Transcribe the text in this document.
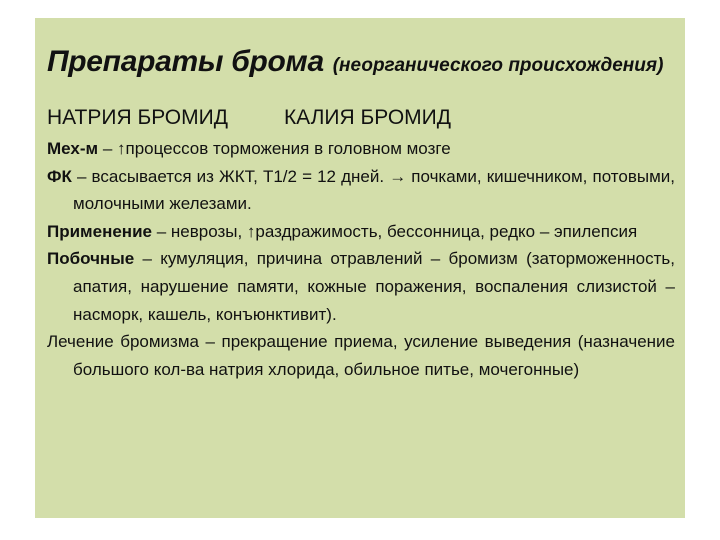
Препараты брома (неорганического происхождения)
НАТРИЯ БРОМИД	КАЛИЯ БРОМИД

Мех-м – ↑процессов торможения в головном мозге

ФК – всасывается из ЖКТ, Т1/2 = 12 дней. → почками, кишечником, потовыми, молочными железами.

Применение – неврозы, ↑раздражимость, бессонница, редко – эпилепсия

Побочные – кумуляция, причина отравлений – бромизм (заторможенность, апатия, нарушение памяти, кожные поражения, воспаления слизистой – насморк, кашель, конъюнктивит).

Лечение бромизма – прекращение приема, усиление выведения (назначение большого кол-ва натрия хлорида, обильное питье, мочегонные)
